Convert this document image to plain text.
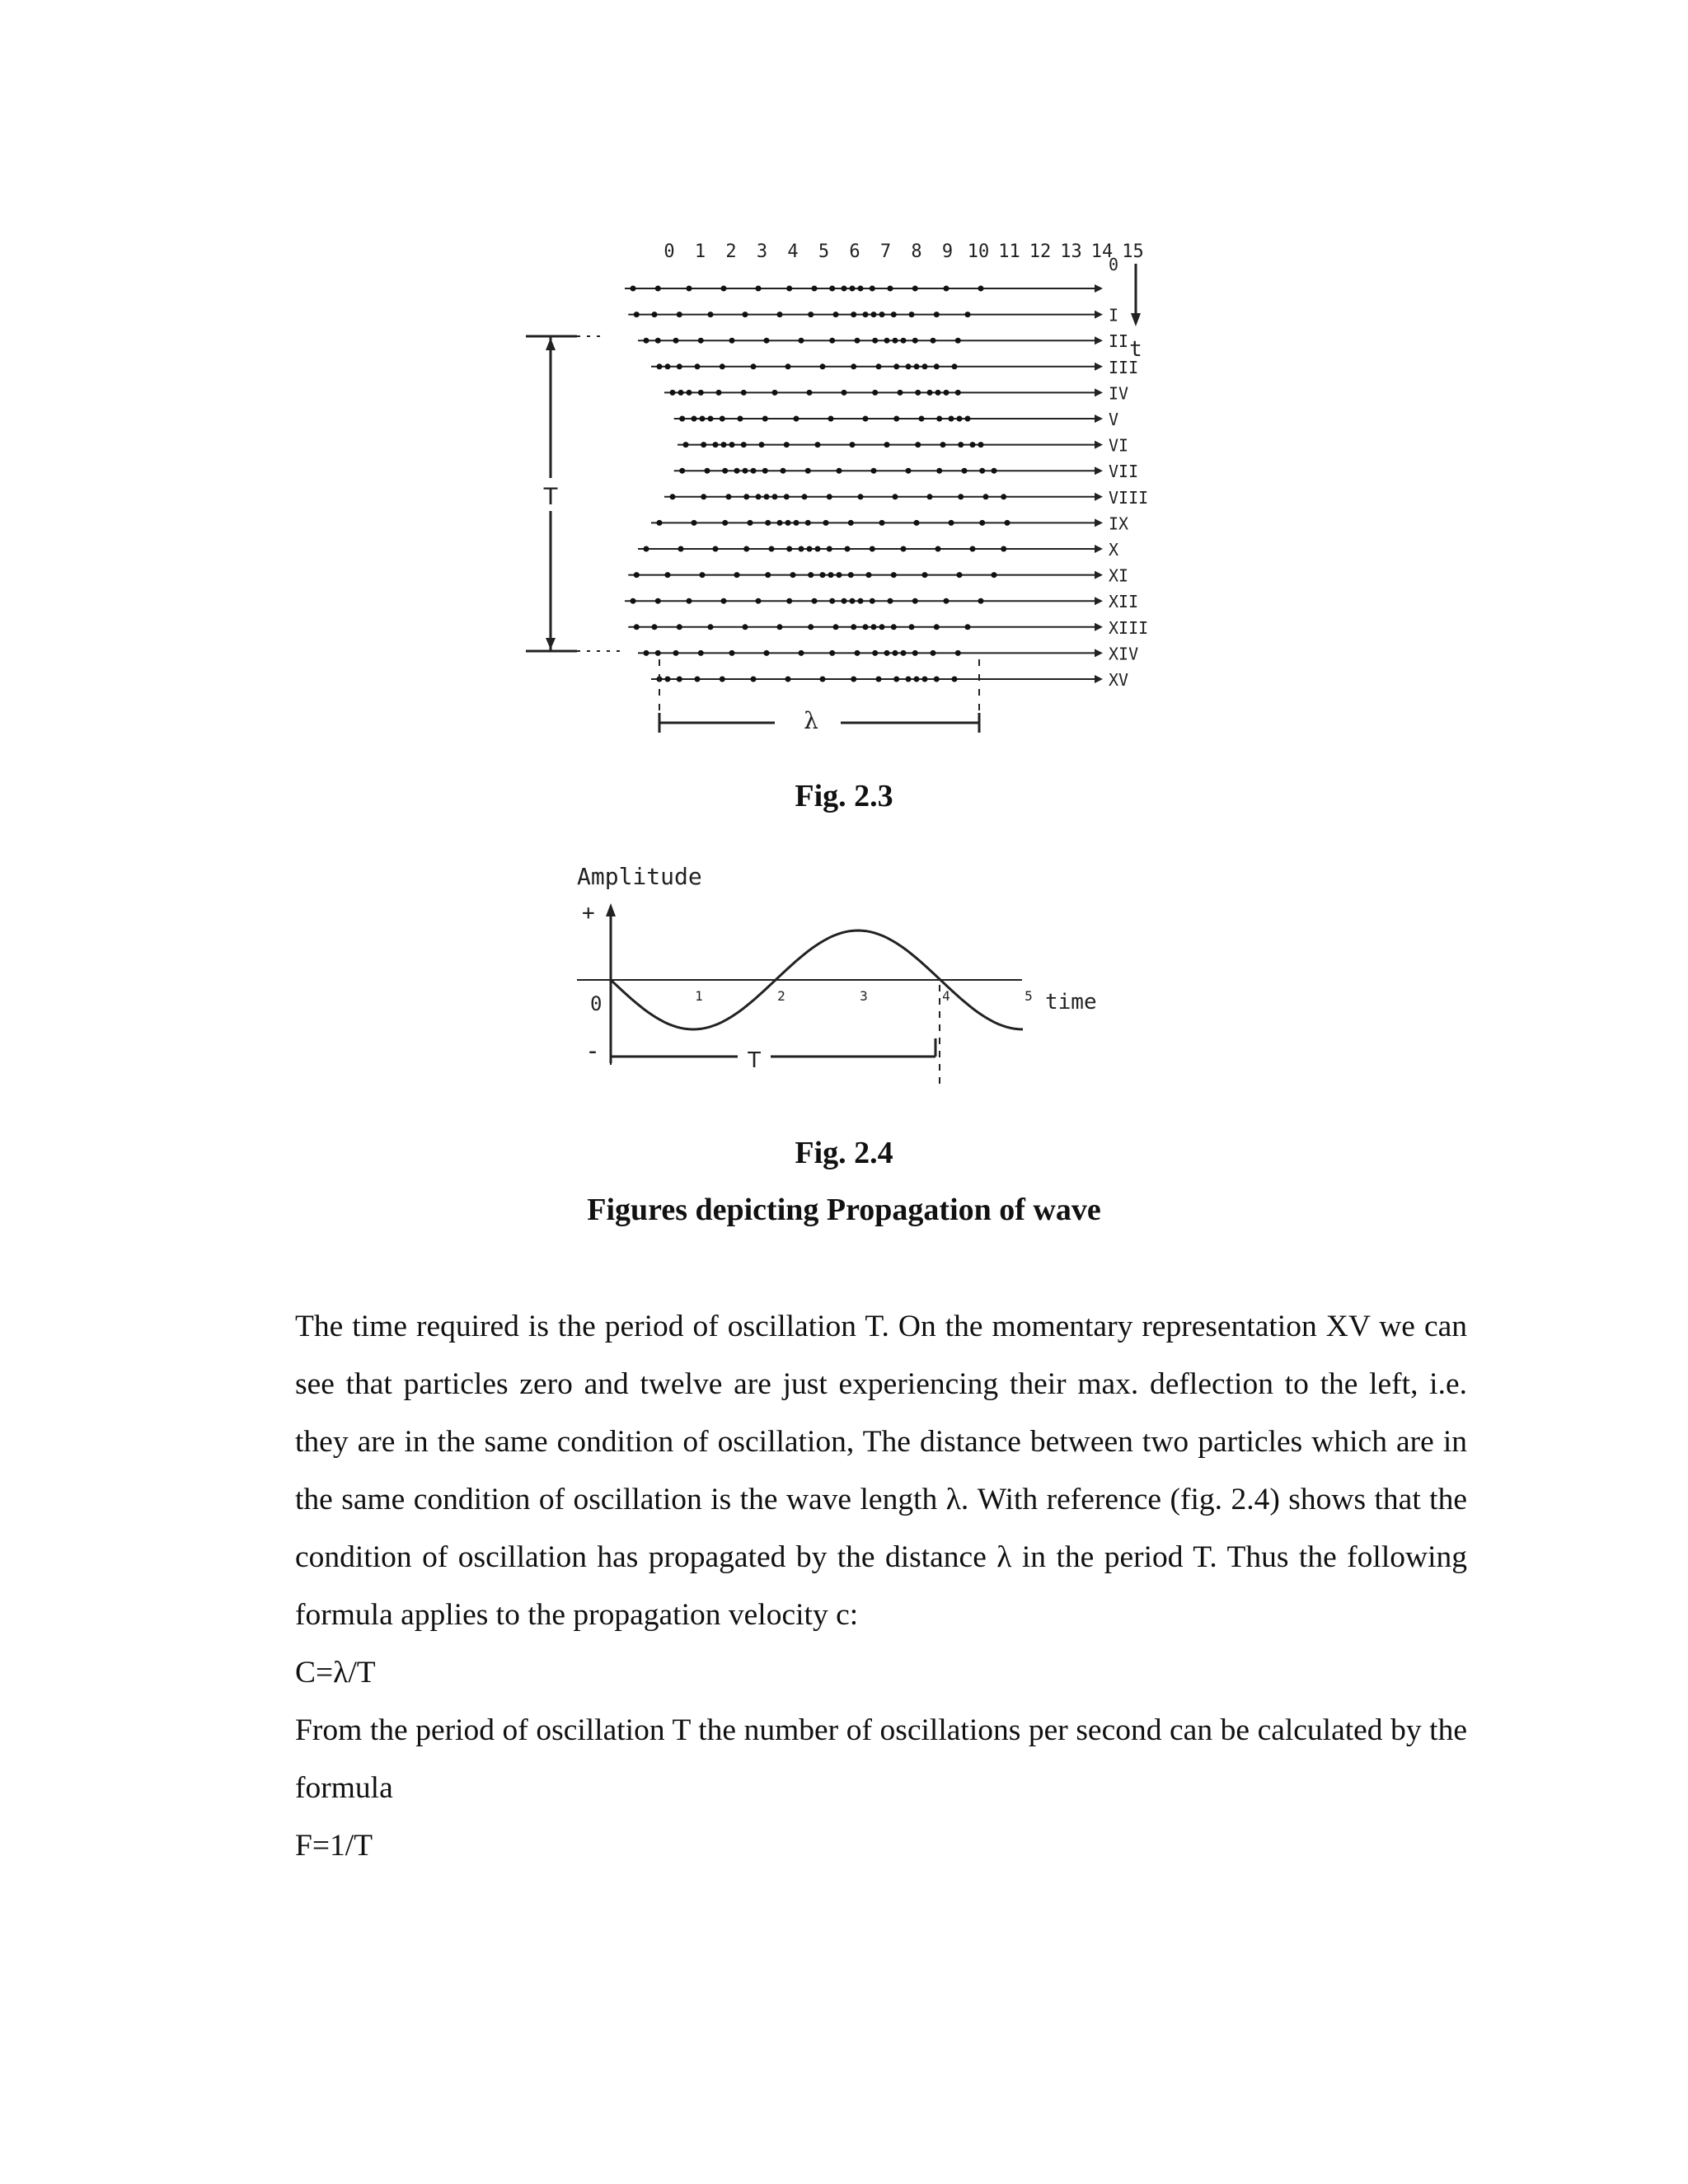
0 1 2 3 4 5 6 7 8 9 10 11 12 13 14 15
0
I
II
III
IV
V
VI
VII
VIII
IX
X
XI
XII
XIII
XIV
XV
t
T
λ
Fig. 2.3
Amplitude
+
-
0	1	2	3	4	5 time
T
Fig. 2.4
Figures depicting Propagation of wave

The time required is the period of oscillation T. On the momentary representation XV we can see that particles zero and twelve are just experiencing their max. deflection to the left, i.e. they are in the same condition of oscillation, The distance between two particles which are in the same condition of oscillation is the wave length λ. With reference (fig. 2.4) shows that the condition of oscillation has propagated by the distance λ in the period T. Thus the following formula applies to the propagation velocity c:

C=λ/T

From the period of oscillation T the number of oscillations per second can be calculated by the formula

F=1/T
